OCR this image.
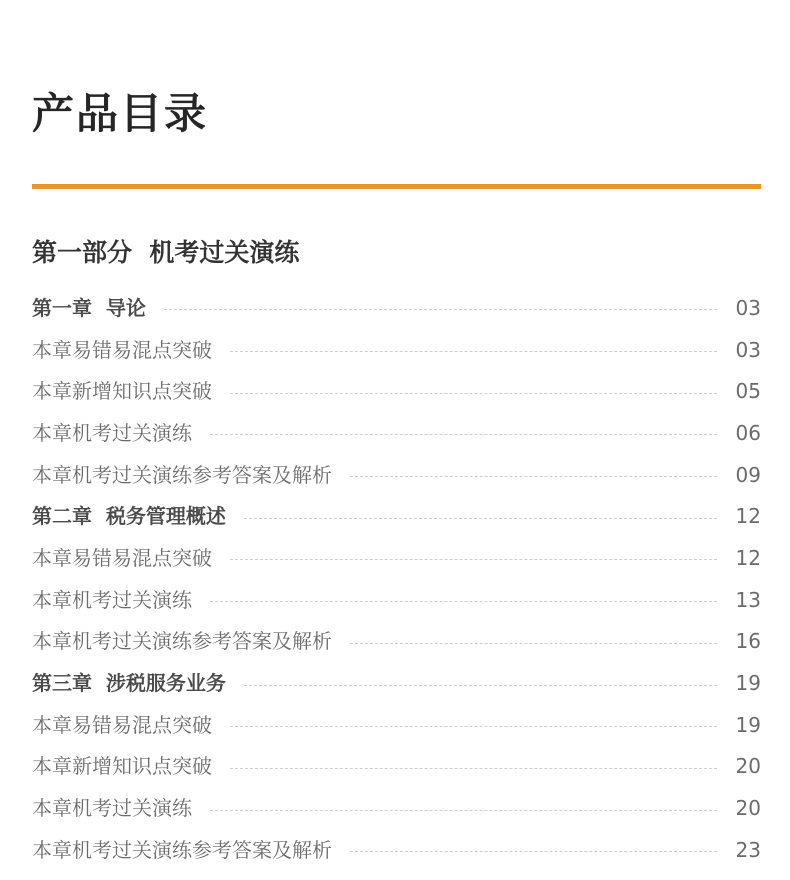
产品目录
第一部分  机考过关演练
第一章  导论	03
本章易错易混点突破	03
本章新增知识点突破	05
本章机考过关演练	06
本章机考过关演练参考答案及解析	09
第二章  税务管理概述	12
本章易错易混点突破	12
本章机考过关演练	13
本章机考过关演练参考答案及解析	16
第三章  涉税服务业务	19
本章易错易混点突破	19
本章新增知识点突破	20
本章机考过关演练	20
本章机考过关演练参考答案及解析	23
